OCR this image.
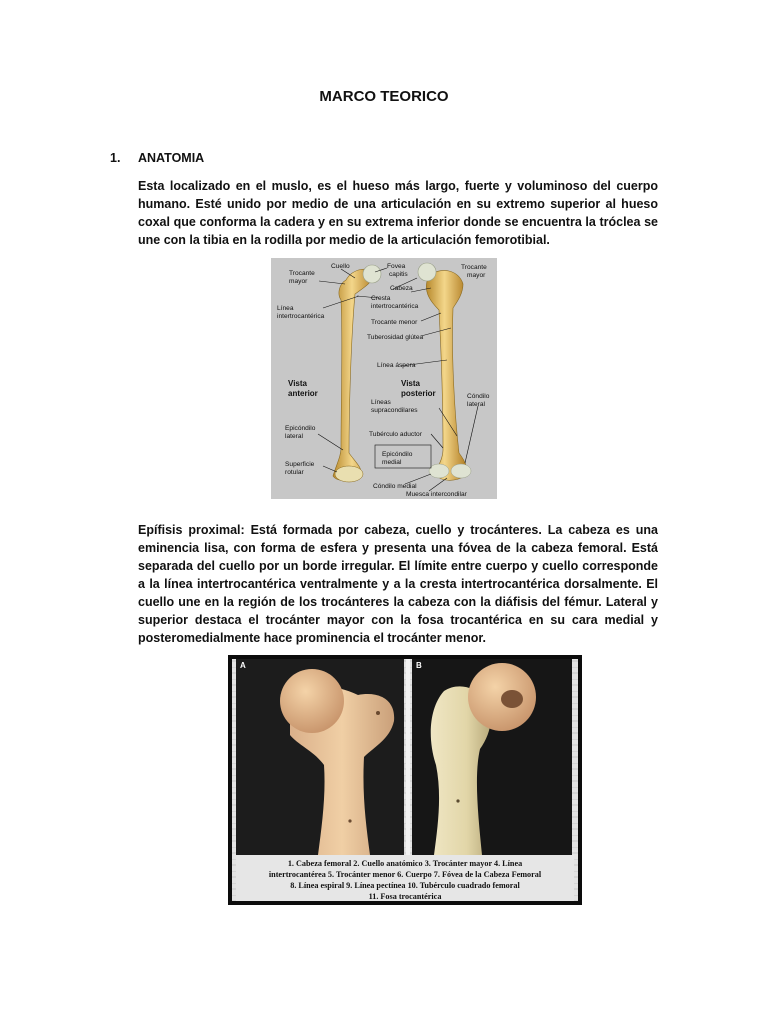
MARCO TEORICO
1. ANATOMIA
Esta localizado en el muslo, es el hueso más largo, fuerte y voluminoso del cuerpo humano. Esté unido por medio de una articulación en su extremo superior al hueso coxal que conforma la cadera y en su extrema inferior donde se encuentra la tróclea se une con la tibia en la rodilla por medio de la articulación femorotibial.
Cuello
Trocante
mayor
Fovea
capitis
Cabeza
Trocante
mayor
Cresta
intertrocantérica
Línea
intertrocantérica
Trocante menor
Tuberosidad glútea
Línea áspera
Vista
anterior
Vista
posterior
Líneas
supracondilares
Cóndilo
lateral
Epicóndilo
lateral	Tubérculo aductor
Epicóndilo
medial
Superficie
rotular
Cóndilo medial
Muesca intercondilar
Epífisis proximal: Está formada por cabeza, cuello y trocánteres. La cabeza es una eminencia lisa, con forma de esfera y presenta una fóvea de la cabeza femoral. Está separada del cuello por un borde irregular. El límite entre cuerpo y cuello corresponde a la línea intertrocantérica ventralmente y a la cresta intertrocantérica dorsalmente. El cuello une en la región de los trocánteres la cabeza con la diáfisis del fémur. Lateral y superior destaca el trocánter mayor con la fosa trocantérica en su cara medial y posteromedialmente hace prominencia el trocánter menor.
A	B
1. Cabeza femoral 2. Cuello anatómico 3. Trocánter mayor 4. Línea
intertrocantérea 5. Trocánter menor 6. Cuerpo 7. Fóvea de la Cabeza Femoral
8. Línea espiral 9. Línea pectínea 10. Tubérculo cuadrado femoral
11. Fosa trocantérica
